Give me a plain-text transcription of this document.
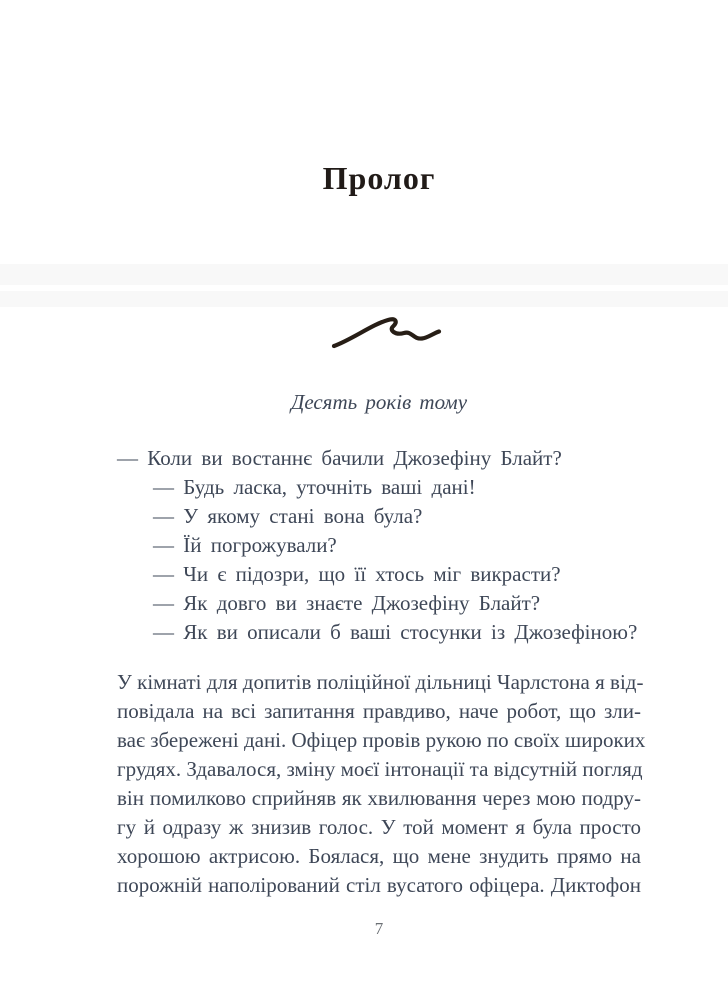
Пролог
Десять років тому
— Коли ви востаннє бачили Джозефіну Блайт?
— Будь ласка, уточніть ваші дані!
— У якому стані вона була?
— Їй погрожували?
— Чи є підозри, що її хтось міг викрасти?
— Як довго ви знаєте Джозефіну Блайт?
— Як ви описали б ваші стосунки із Джозефіною?
У кімнаті для допитів поліційної дільниці Чарлстона я від-
повідала на всі запитання правдиво, наче робот, що зли-
ває збережені дані. Офіцер провів рукою по своїх широких
грудях. Здавалося, зміну моєї інтонації та відсутній погляд
він помилково сприйняв як хвилювання через мою подру-
гу й одразу ж знизив голос. У той момент я була просто
хорошою актрисою. Боялася, що мене знудить прямо на
порожній наполірований стіл вусатого офіцера. Диктофон
7
